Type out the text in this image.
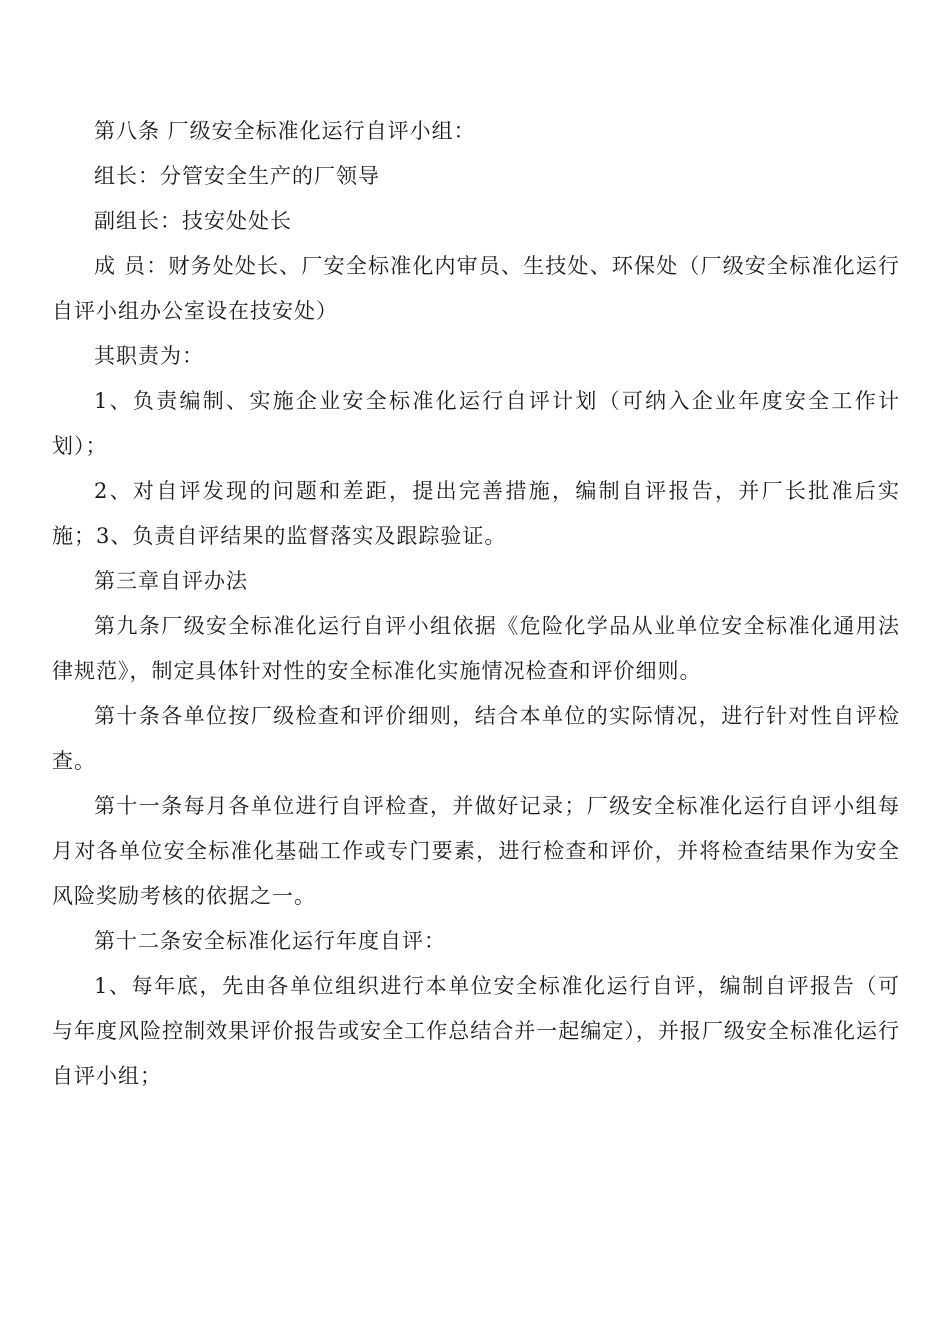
第八条 厂级安全标准化运行自评小组：

组长：分管安全生产的厂领导

副组长：技安处处长

成 员：财务处处长、厂安全标准化内审员、生技处、环保处（厂级安全标准化运行自评小组办公室设在技安处）

其职责为：

1、负责编制、实施企业安全标准化运行自评计划（可纳入企业年度安全工作计划）；

2、对自评发现的问题和差距，提出完善措施，编制自评报告，并厂长批准后实施；3、负责自评结果的监督落实及跟踪验证。

第三章自评办法

第九条厂级安全标准化运行自评小组依据《危险化学品从业单位安全标准化通用法律规范》，制定具体针对性的安全标准化实施情况检查和评价细则。

第十条各单位按厂级检查和评价细则，结合本单位的实际情况，进行针对性自评检查。

第十一条每月各单位进行自评检查，并做好记录；厂级安全标准化运行自评小组每月对各单位安全标准化基础工作或专门要素，进行检查和评价，并将检查结果作为安全风险奖励考核的依据之一。

第十二条安全标准化运行年度自评：

1、每年底，先由各单位组织进行本单位安全标准化运行自评，编制自评报告（可与年度风险控制效果评价报告或安全工作总结合并一起编定），并报厂级安全标准化运行自评小组；
